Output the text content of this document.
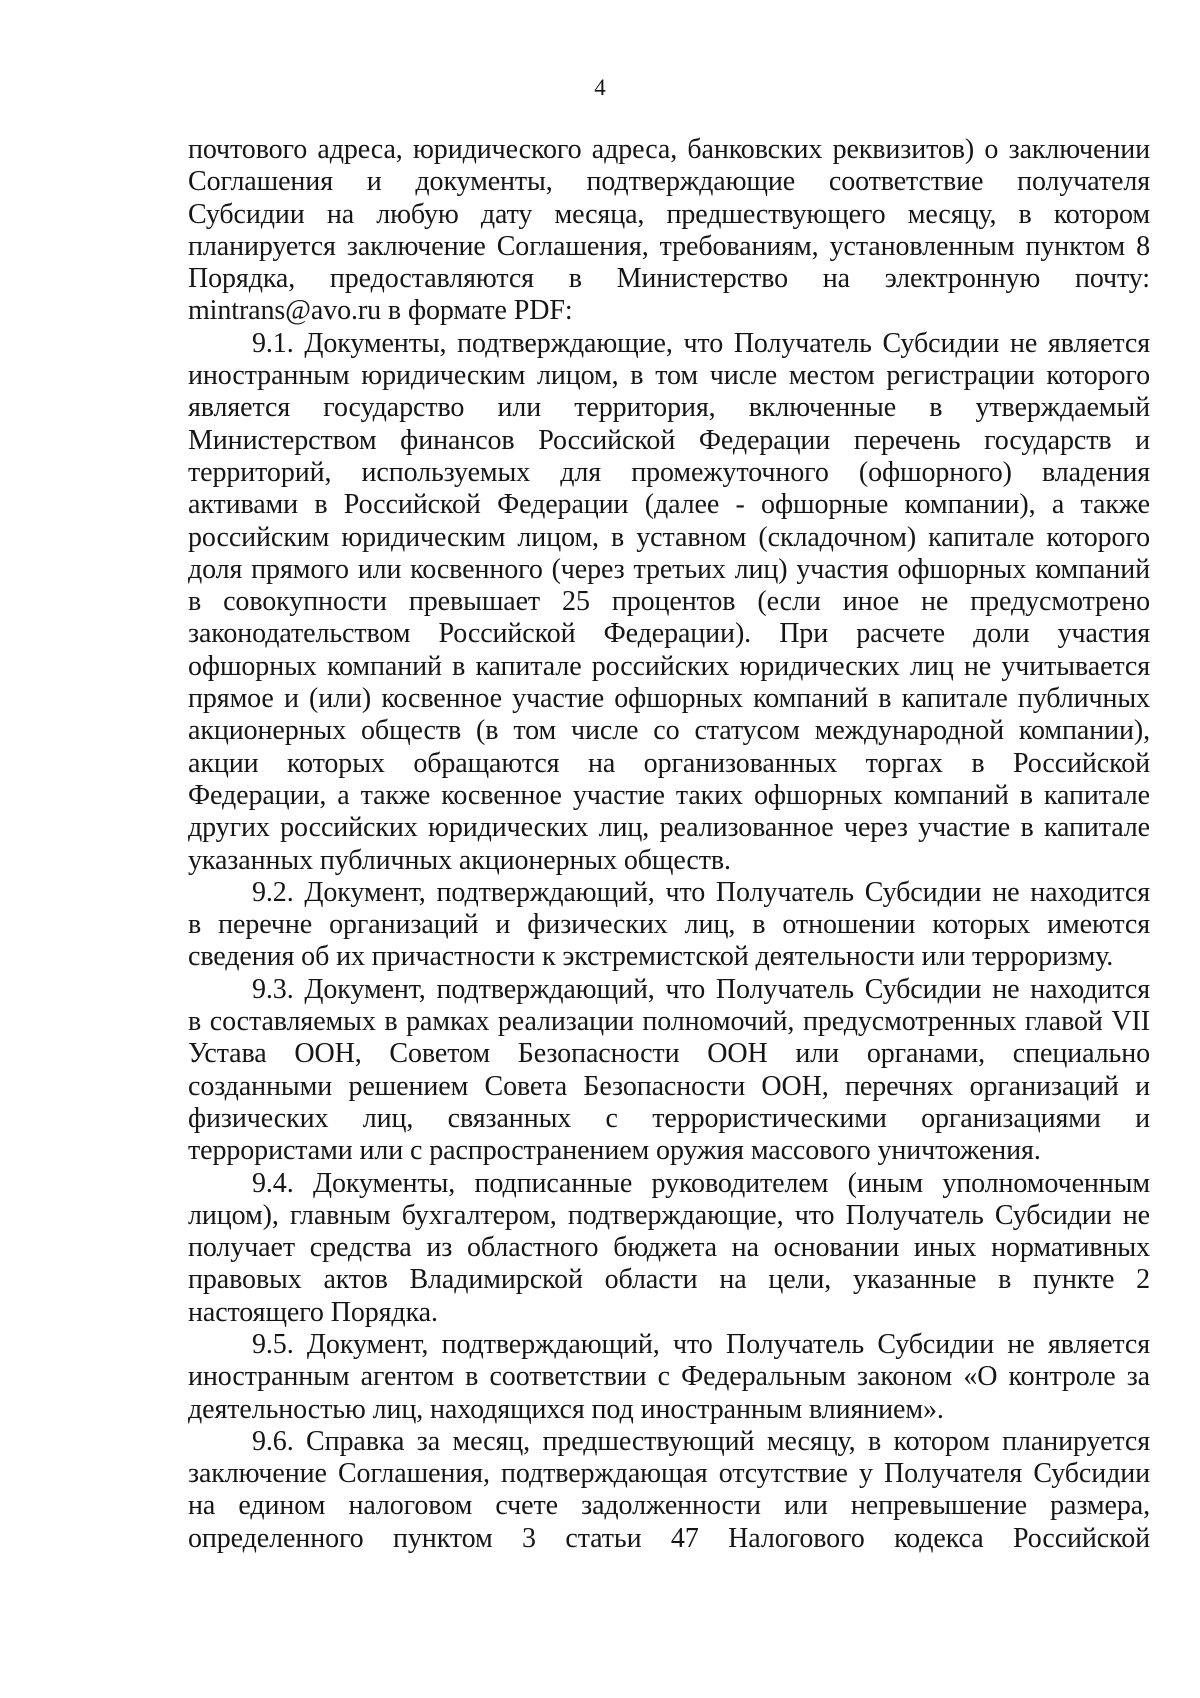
4
почтового адреса, юридического адреса, банковских реквизитов) о заключении
Соглашения и документы, подтверждающие соответствие получателя
Субсидии на любую дату месяца, предшествующего месяцу, в котором
планируется заключение Соглашения, требованиям, установленным пунктом 8
Порядка, предоставляются в Министерство на электронную почту:
mintrans@avo.ru в формате PDF:
9.1. Документы, подтверждающие, что Получатель Субсидии не является
иностранным юридическим лицом, в том числе местом регистрации которого
является государство или территория, включенные в утверждаемый
Министерством финансов Российской Федерации перечень государств и
территорий, используемых для промежуточного (офшорного) владения
активами в Российской Федерации (далее - офшорные компании), а также
российским юридическим лицом, в уставном (складочном) капитале которого
доля прямого или косвенного (через третьих лиц) участия офшорных компаний
в совокупности превышает 25 процентов (если иное не предусмотрено
законодательством Российской Федерации). При расчете доли участия
офшорных компаний в капитале российских юридических лиц не учитывается
прямое и (или) косвенное участие офшорных компаний в капитале публичных
акционерных обществ (в том числе со статусом международной компании),
акции которых обращаются на организованных торгах в Российской
Федерации, а также косвенное участие таких офшорных компаний в капитале
других российских юридических лиц, реализованное через участие в капитале
указанных публичных акционерных обществ.
9.2. Документ, подтверждающий, что Получатель Субсидии не находится
в перечне организаций и физических лиц, в отношении которых имеются
сведения об их причастности к экстремистской деятельности или терроризму.
9.3. Документ, подтверждающий, что Получатель Субсидии не находится
в составляемых в рамках реализации полномочий, предусмотренных главой VII
Устава ООН, Советом Безопасности ООН или органами, специально
созданными решением Совета Безопасности ООН, перечнях организаций и
физических лиц, связанных с террористическими организациями и
террористами или с распространением оружия массового уничтожения.
9.4. Документы, подписанные руководителем (иным уполномоченным
лицом), главным бухгалтером, подтверждающие, что Получатель Субсидии не
получает средства из областного бюджета на основании иных нормативных
правовых актов Владимирской области на цели, указанные в пункте 2
настоящего Порядка.
9.5. Документ, подтверждающий, что Получатель Субсидии не является
иностранным агентом в соответствии с Федеральным законом «О контроле за
деятельностью лиц, находящихся под иностранным влиянием».
9.6. Справка за месяц, предшествующий месяцу, в котором планируется
заключение Соглашения, подтверждающая отсутствие у Получателя Субсидии
на едином налоговом счете задолженности или непревышение размера,
определенного пунктом 3 статьи 47 Налогового кодекса Российской
